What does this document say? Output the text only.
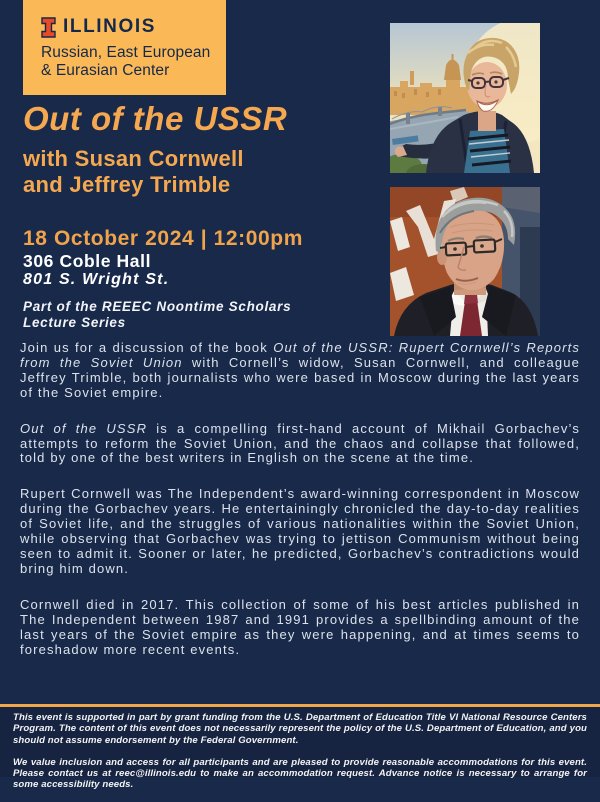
ILLINOIS
Russian, East European
& Eurasian Center
Out of the USSR
with Susan Cornwell
and Jeffrey Trimble
18 October 2024 | 12:00pm
306 Coble Hall
801 S. Wright St.
Part of the REEEC Noontime Scholars
Lecture Series

Join us for a discussion of the book Out of the USSR: Rupert Cornwell’s Reports from the Soviet Union with Cornell’s widow, Susan Cornwell, and colleague Jeffrey Trimble, both journalists who were based in Moscow during the last years of the Soviet empire.

Out of the USSR is a compelling first-hand account of Mikhail Gorbachev’s attempts to reform the Soviet Union, and the chaos and collapse that followed, told by one of the best writers in English on the scene at the time.

Rupert Cornwell was The Independent’s award-winning correspondent in Moscow during the Gorbachev years. He entertainingly chronicled the day-to-day realities of Soviet life, and the struggles of various nationalities within the Soviet Union, while observing that Gorbachev was trying to jettison Communism without being seen to admit it. Sooner or later, he predicted, Gorbachev’s contradictions would bring him down.

Cornwell died in 2017. This collection of some of his best articles published in The Independent between 1987 and 1991 provides a spellbinding amount of the last years of the Soviet empire as they were happening, and at times seems to foreshadow more recent events.

This event is supported in part by grant funding from the U.S. Department of Education Title VI National Resource Centers Program. The content of this event does not necessarily represent the policy of the U.S. Department of Education, and you should not assume endorsement by the Federal Government.

We value inclusion and access for all participants and are pleased to provide reasonable accommodations for this event. Please contact us at reec@illinois.edu to make an accommodation request. Advance notice is necessary to arrange for some accessibility needs.
